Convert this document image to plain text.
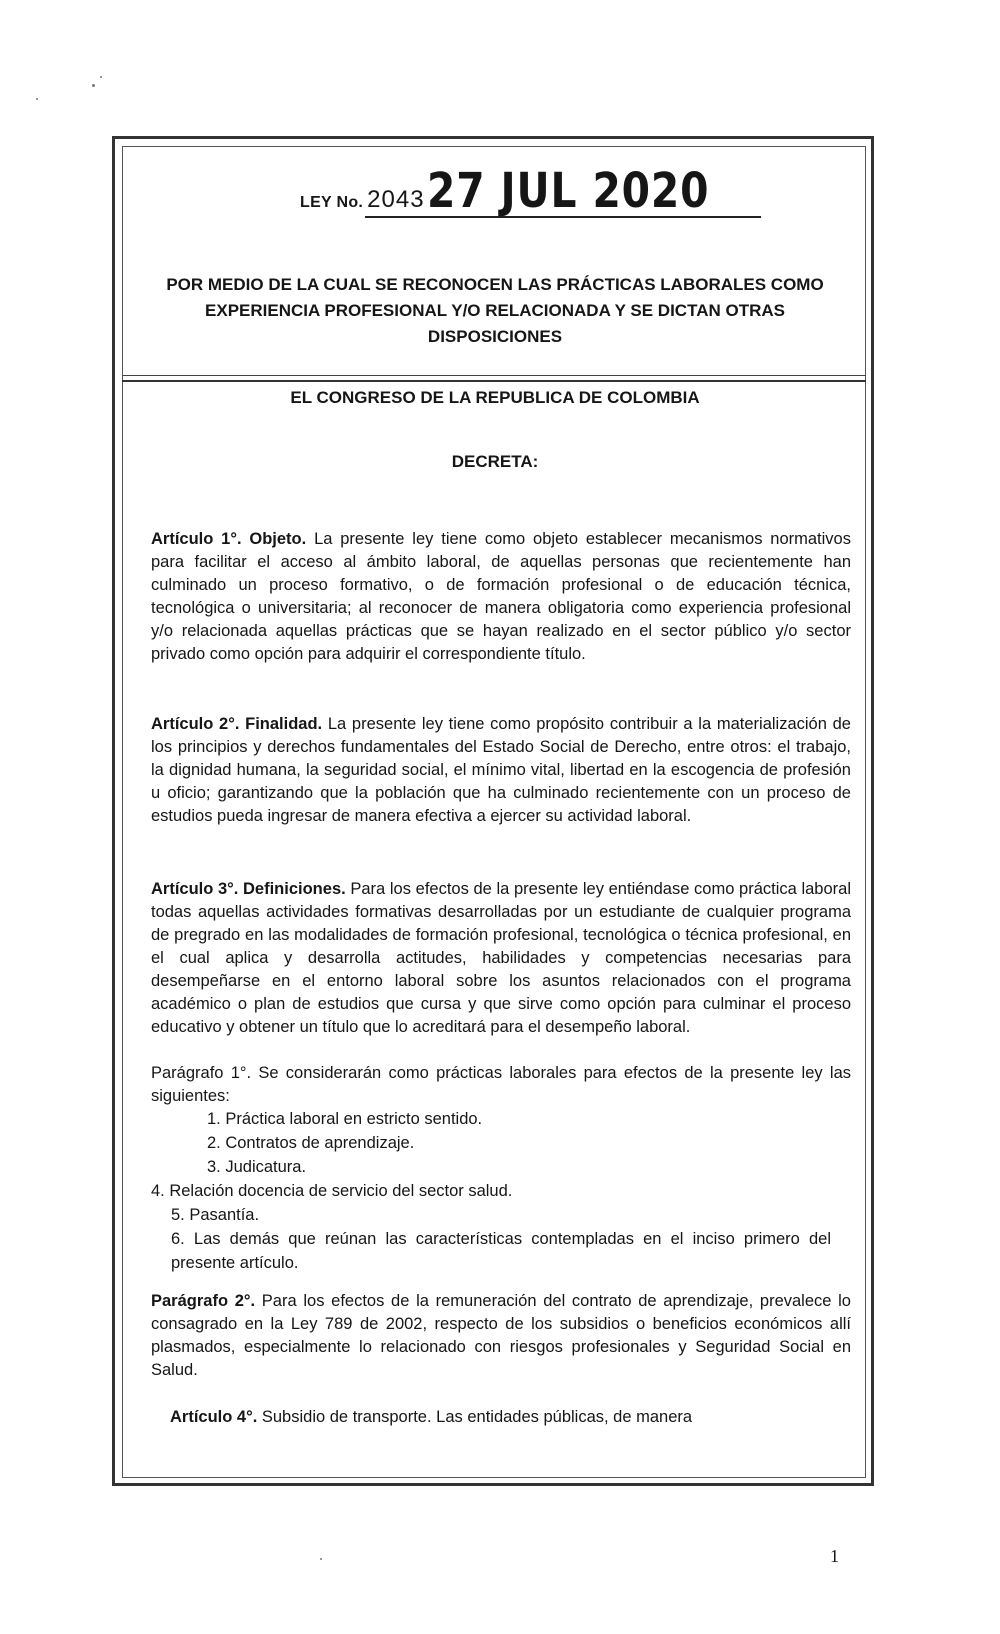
LEY No. 2043 27 JUL 2020
POR MEDIO DE LA CUAL SE RECONOCEN LAS PRÁCTICAS LABORALES COMO EXPERIENCIA PROFESIONAL Y/O RELACIONADA Y SE DICTAN OTRAS DISPOSICIONES
EL CONGRESO DE LA REPUBLICA DE COLOMBIA
DECRETA:
Artículo 1°. Objeto. La presente ley tiene como objeto establecer mecanismos normativos para facilitar el acceso al ámbito laboral, de aquellas personas que recientemente han culminado un proceso formativo, o de formación profesional o de educación técnica, tecnológica o universitaria; al reconocer de manera obligatoria como experiencia profesional y/o relacionada aquellas prácticas que se hayan realizado en el sector público y/o sector privado como opción para adquirir el correspondiente título.
Artículo 2°. Finalidad. La presente ley tiene como propósito contribuir a la materialización de los principios y derechos fundamentales del Estado Social de Derecho, entre otros: el trabajo, la dignidad humana, la seguridad social, el mínimo vital, libertad en la escogencia de profesión u oficio; garantizando que la población que ha culminado recientemente con un proceso de estudios pueda ingresar de manera efectiva a ejercer su actividad laboral.
Artículo 3°. Definiciones. Para los efectos de la presente ley entiéndase como práctica laboral todas aquellas actividades formativas desarrolladas por un estudiante de cualquier programa de pregrado en las modalidades de formación profesional, tecnológica o técnica profesional, en el cual aplica y desarrolla actitudes, habilidades y competencias necesarias para desempeñarse en el entorno laboral sobre los asuntos relacionados con el programa académico o plan de estudios que cursa y que sirve como opción para culminar el proceso educativo y obtener un título que lo acreditará para el desempeño laboral.
Parágrafo 1°. Se considerarán como prácticas laborales para efectos de la presente ley las siguientes:
1. Práctica laboral en estricto sentido.
2. Contratos de aprendizaje.
3. Judicatura.
4. Relación docencia de servicio del sector salud.
5. Pasantía.
6. Las demás que reúnan las características contempladas en el inciso primero del presente artículo.
Parágrafo 2°. Para los efectos de la remuneración del contrato de aprendizaje, prevalece lo consagrado en la Ley 789 de 2002, respecto de los subsidios o beneficios económicos allí plasmados, especialmente lo relacionado con riesgos profesionales y Seguridad Social en Salud.
Artículo 4°. Subsidio de transporte. Las entidades públicas, de manera
1
